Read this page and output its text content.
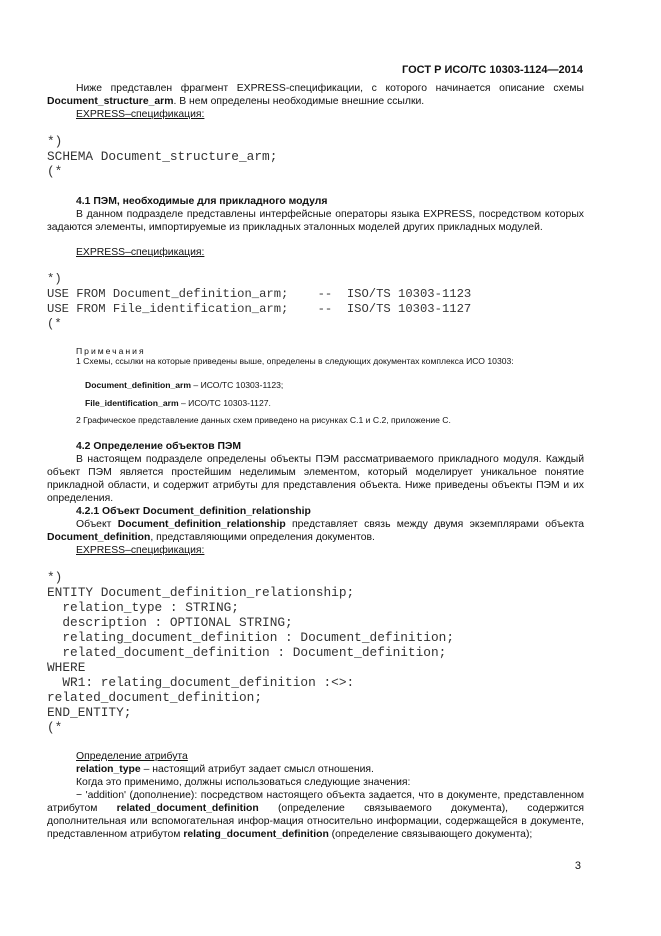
ГОСТ Р ИСО/ТС 10303-1124—2014
Ниже представлен фрагмент EXPRESS-спецификации, с которого начинается описание схемы Document_structure_arm. В нем определены необходимые внешние ссылки.
EXPRESS–спецификация:
*)
SCHEMA Document_structure_arm;
(*
4.1 ПЭМ, необходимые для прикладного модуля
В данном подразделе представлены интерфейсные операторы языка EXPRESS, посредством которых задаются элементы, импортируемые из прикладных эталонных моделей других прикладных модулей.
EXPRESS–спецификация:
*)
USE FROM Document_definition_arm;    --  ISO/TS 10303-1123
USE FROM File_identification_arm;    --  ISO/TS 10303-1127
(*
Примечания
1 Схемы, ссылки на которые приведены выше, определены в следующих документах комплекса ИСО 10303:
Document_definition_arm – ИСО/ТС 10303-1123;
File_identification_arm – ИСО/ТС 10303-1127.
2 Графическое представление данных схем приведено на рисунках С.1 и С.2, приложение С.
4.2 Определение объектов ПЭМ
В настоящем подразделе определены объекты ПЭМ рассматриваемого прикладного модуля. Каждый объект ПЭМ является простейшим неделимым элементом, который моделирует уникальное понятие прикладной области, и содержит атрибуты для представления объекта. Ниже приведены объекты ПЭМ и их определения.
4.2.1 Объект Document_definition_relationship
Объект Document_definition_relationship представляет связь между двумя экземплярами объекта Document_definition, представляющими определения документов.
EXPRESS–спецификация:
*)
ENTITY Document_definition_relationship;
relation_type : STRING;
description : OPTIONAL STRING;
relating_document_definition : Document_definition;
related_document_definition : Document_definition;
WHERE
WR1: relating_document_definition :<>:
related_document_definition;
END_ENTITY;
(*
Определение атрибута
relation_type – настоящий атрибут задает смысл отношения.
Когда это применимо, должны использоваться следующие значения:
− 'addition' (дополнение): посредством настоящего объекта задается, что в документе, представленном атрибутом related_document_definition (определение связываемого документа), содержится дополнительная или вспомогательная инфор-мация относительно информации, содержащейся в документе, представленном атрибутом relating_document_definition (определение связывающего документа);
3
